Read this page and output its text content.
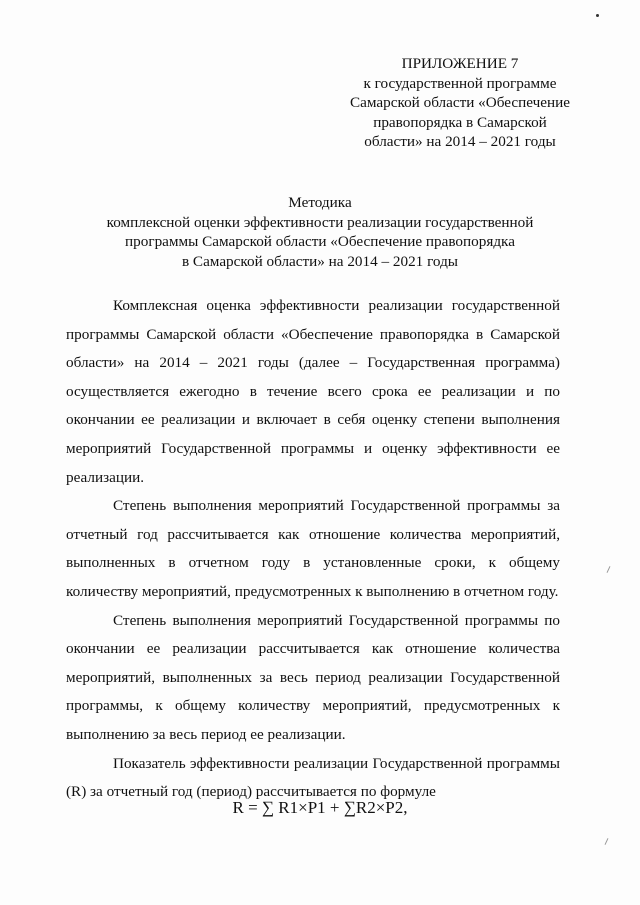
ПРИЛОЖЕНИЕ 7
к государственной программе
Самарской области «Обеспечение
правопорядка в Самарской
области» на 2014 – 2021 годы
Методика
комплексной оценки эффективности реализации государственной
программы Самарской области «Обеспечение правопорядка
в Самарской области» на 2014 – 2021 годы

Комплексная оценка эффективности реализации государственной программы Самарской области «Обеспечение правопорядка в Самарской области» на 2014 – 2021 годы (далее – Государственная программа) осуществляется ежегодно в течение всего срока ее реализации и по окончании ее реализации и включает в себя оценку степени выполнения мероприятий Государственной программы и оценку эффективности ее реализации.

Степень выполнения мероприятий Государственной программы за отчетный год рассчитывается как отношение количества мероприятий, выполненных в отчетном году в установленные сроки, к общему количеству мероприятий, предусмотренных к выполнению в отчетном году.

Степень выполнения мероприятий Государственной программы по окончании ее реализации рассчитывается как отношение количества мероприятий, выполненных за весь период реализации Государственной программы, к общему количеству мероприятий, предусмотренных к выполнению за весь период ее реализации.

Показатель эффективности реализации Государственной программы (R) за отчетный год (период) рассчитывается по формуле

R = ∑ R1×P1 + ∑R2×P2,
